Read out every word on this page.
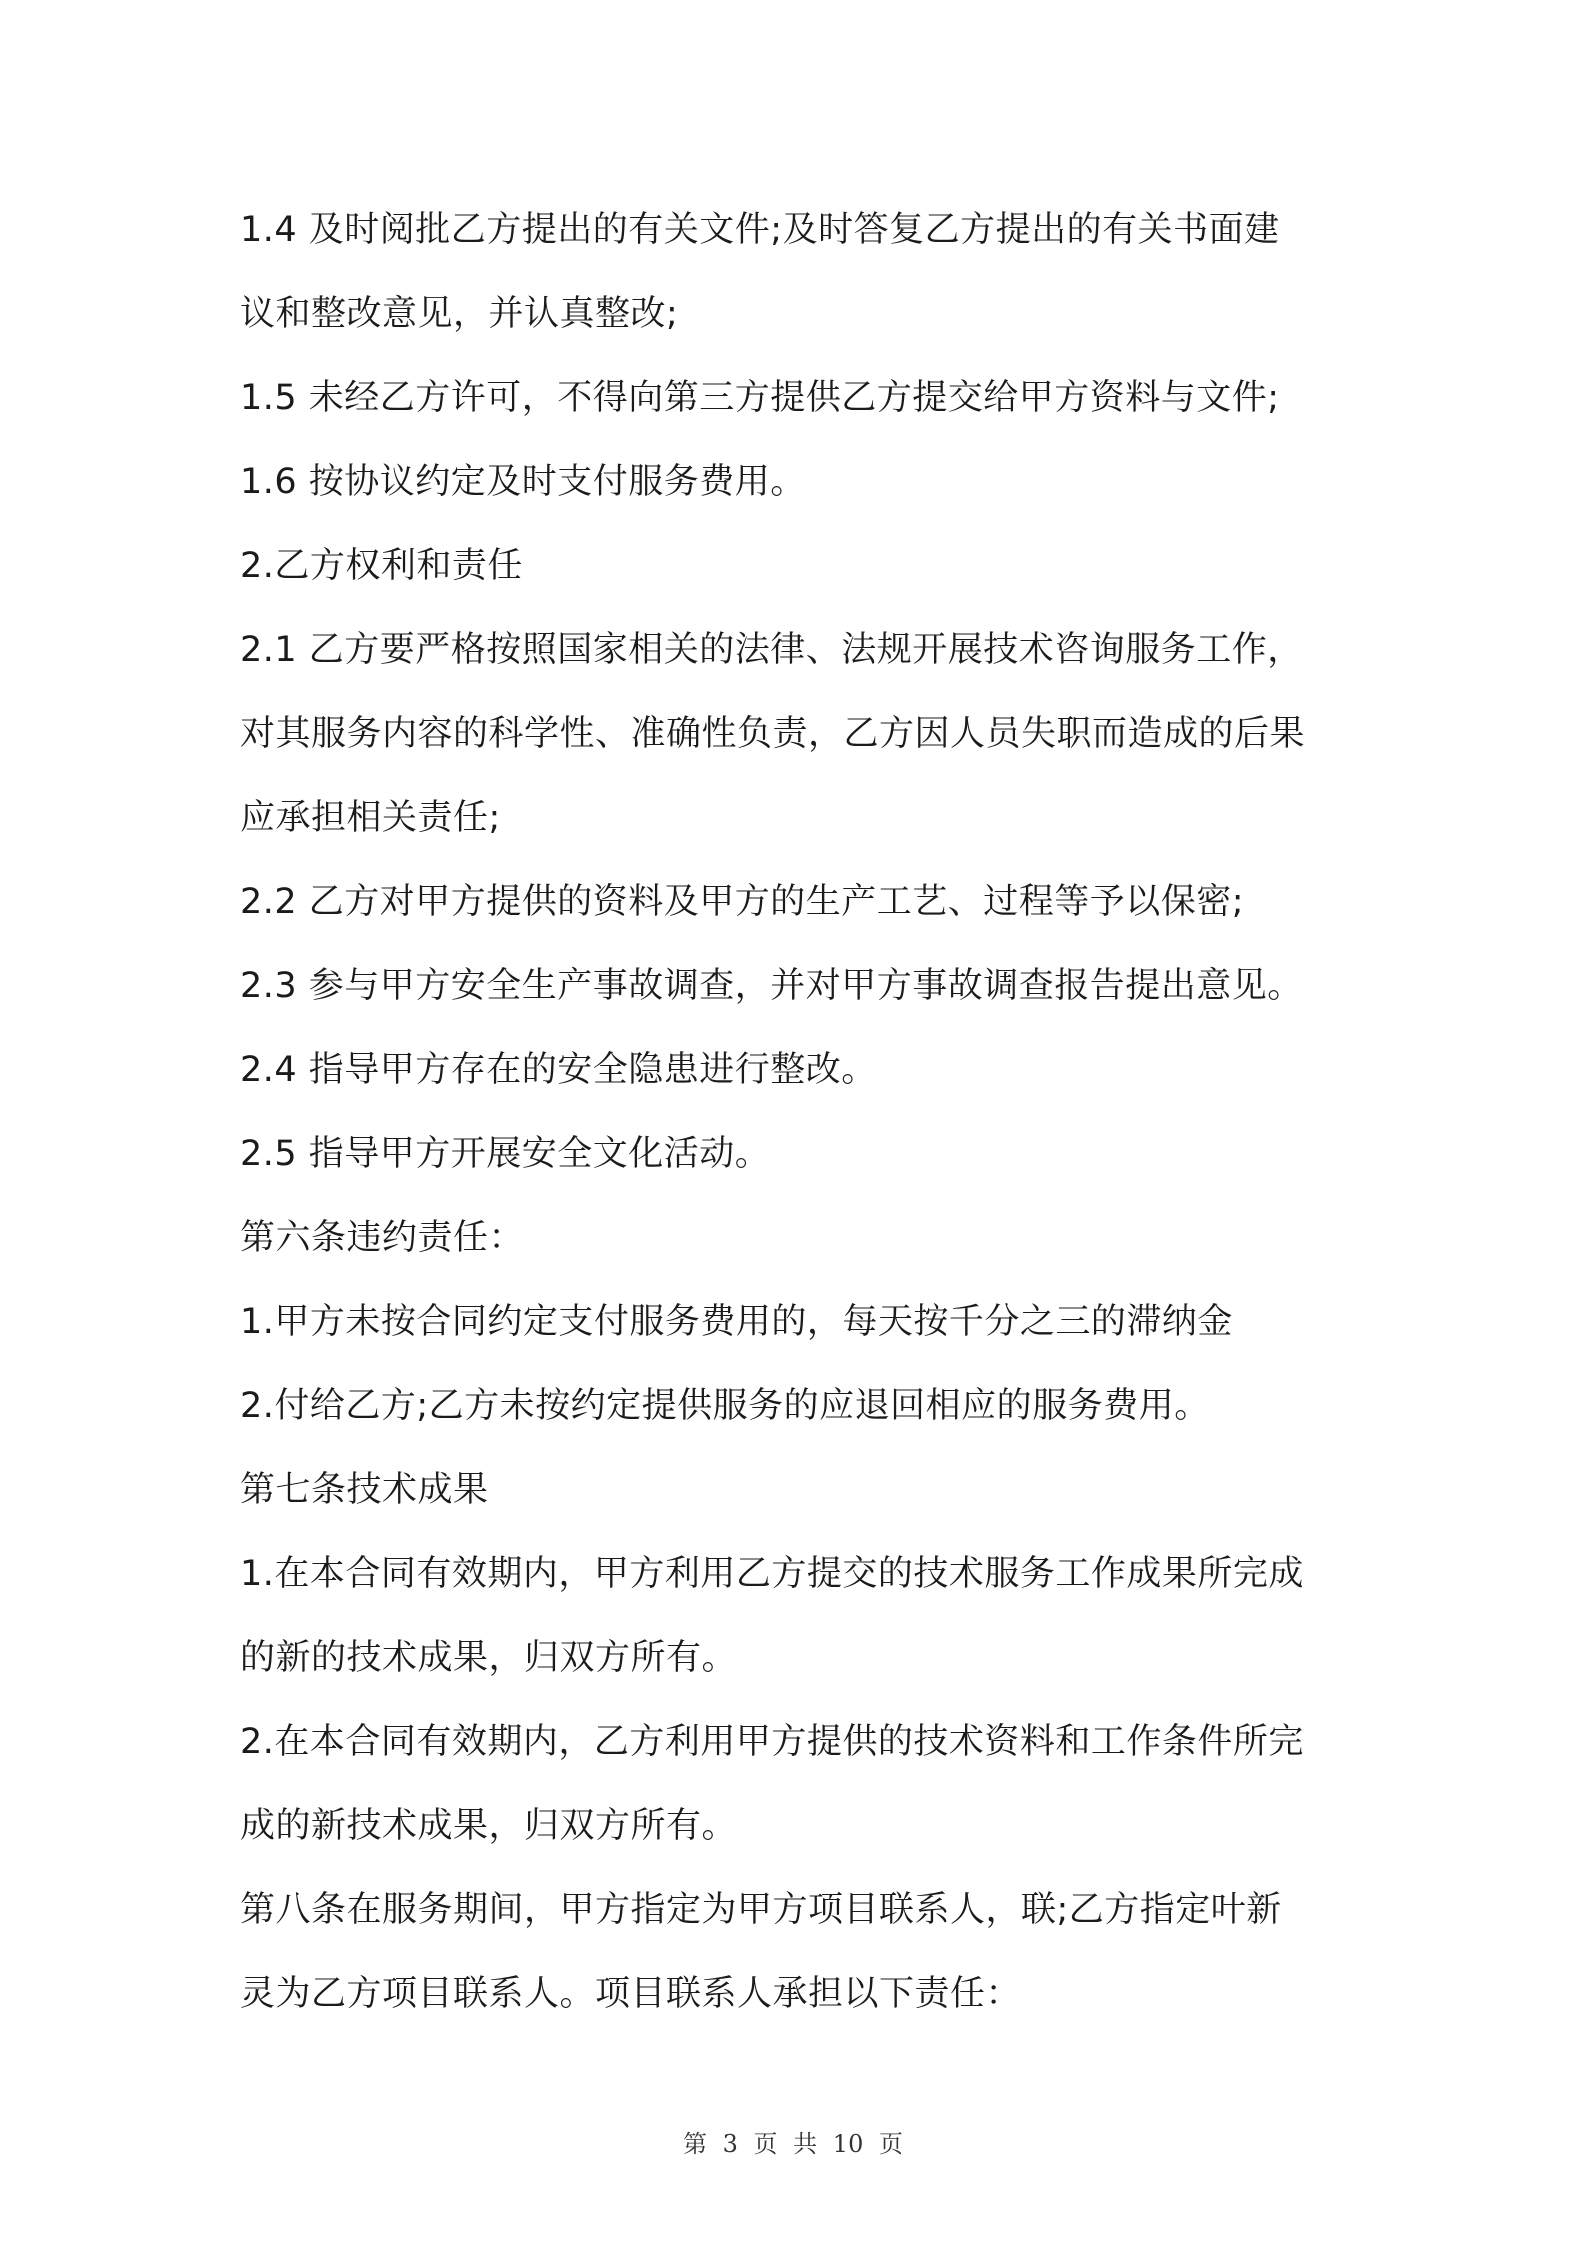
1.4 及时阅批乙方提出的有关文件;及时答复乙方提出的有关书面建
议和整改意见，并认真整改;
1.5 未经乙方许可，不得向第三方提供乙方提交给甲方资料与文件;
1.6 按协议约定及时支付服务费用。
2.乙方权利和责任
2.1 乙方要严格按照国家相关的法律、法规开展技术咨询服务工作，
对其服务内容的科学性、准确性负责，乙方因人员失职而造成的后果
应承担相关责任;
2.2 乙方对甲方提供的资料及甲方的生产工艺、过程等予以保密;
2.3 参与甲方安全生产事故调查，并对甲方事故调查报告提出意见。
2.4 指导甲方存在的安全隐患进行整改。
2.5 指导甲方开展安全文化活动。
第六条违约责任：
1.甲方未按合同约定支付服务费用的，每天按千分之三的滞纳金
2.付给乙方;乙方未按约定提供服务的应退回相应的服务费用。
第七条技术成果
1.在本合同有效期内，甲方利用乙方提交的技术服务工作成果所完成
的新的技术成果，归双方所有。
2.在本合同有效期内，乙方利用甲方提供的技术资料和工作条件所完
成的新技术成果，归双方所有。
第八条在服务期间，甲方指定为甲方项目联系人，联;乙方指定叶新
灵为乙方项目联系人。项目联系人承担以下责任：
第 3 页 共 10 页
